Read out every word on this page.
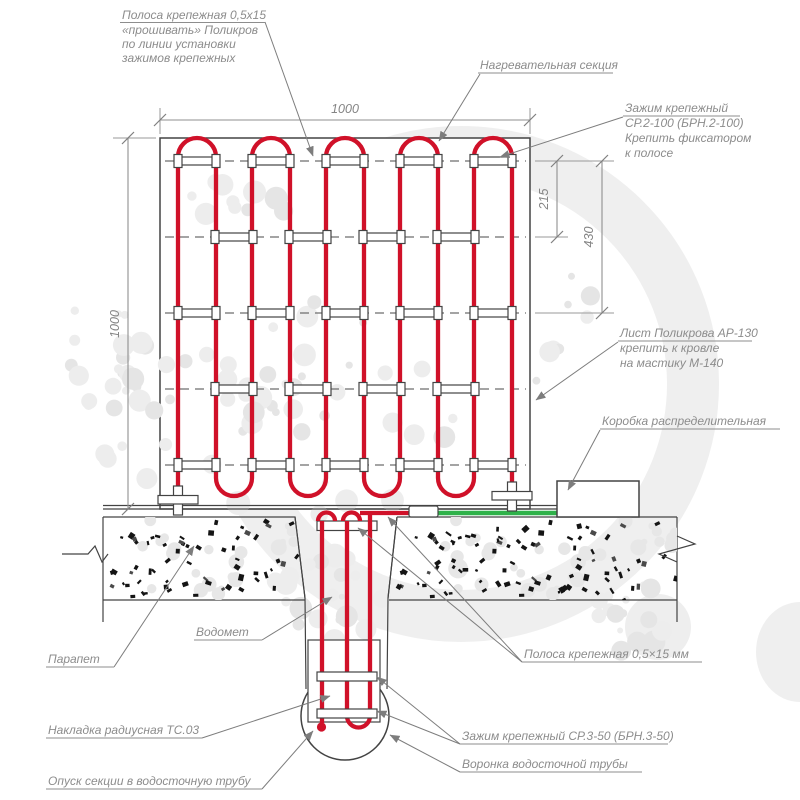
1000
1000
215
430
Полоса крепежная 0,5x15
«прошивать» Поликров
по линии установки
зажимов крепежных	Нагревательная секция
Зажим крепежный
СР.2-100 (БРН.2-100)
Крепить фиксатором
к полосе
Лист Поликрова АР-130
крепить к кровле
на мастику М-140
Коробка распределительная
Водомет
Парапет
Накладка радиусная ТС.03
Опуск секции в водосточную трубу
Полоса крепежная 0,5×15 мм
Зажим крепежный СР.3-50 (БРН.3-50)
Воронка водосточной трубы
